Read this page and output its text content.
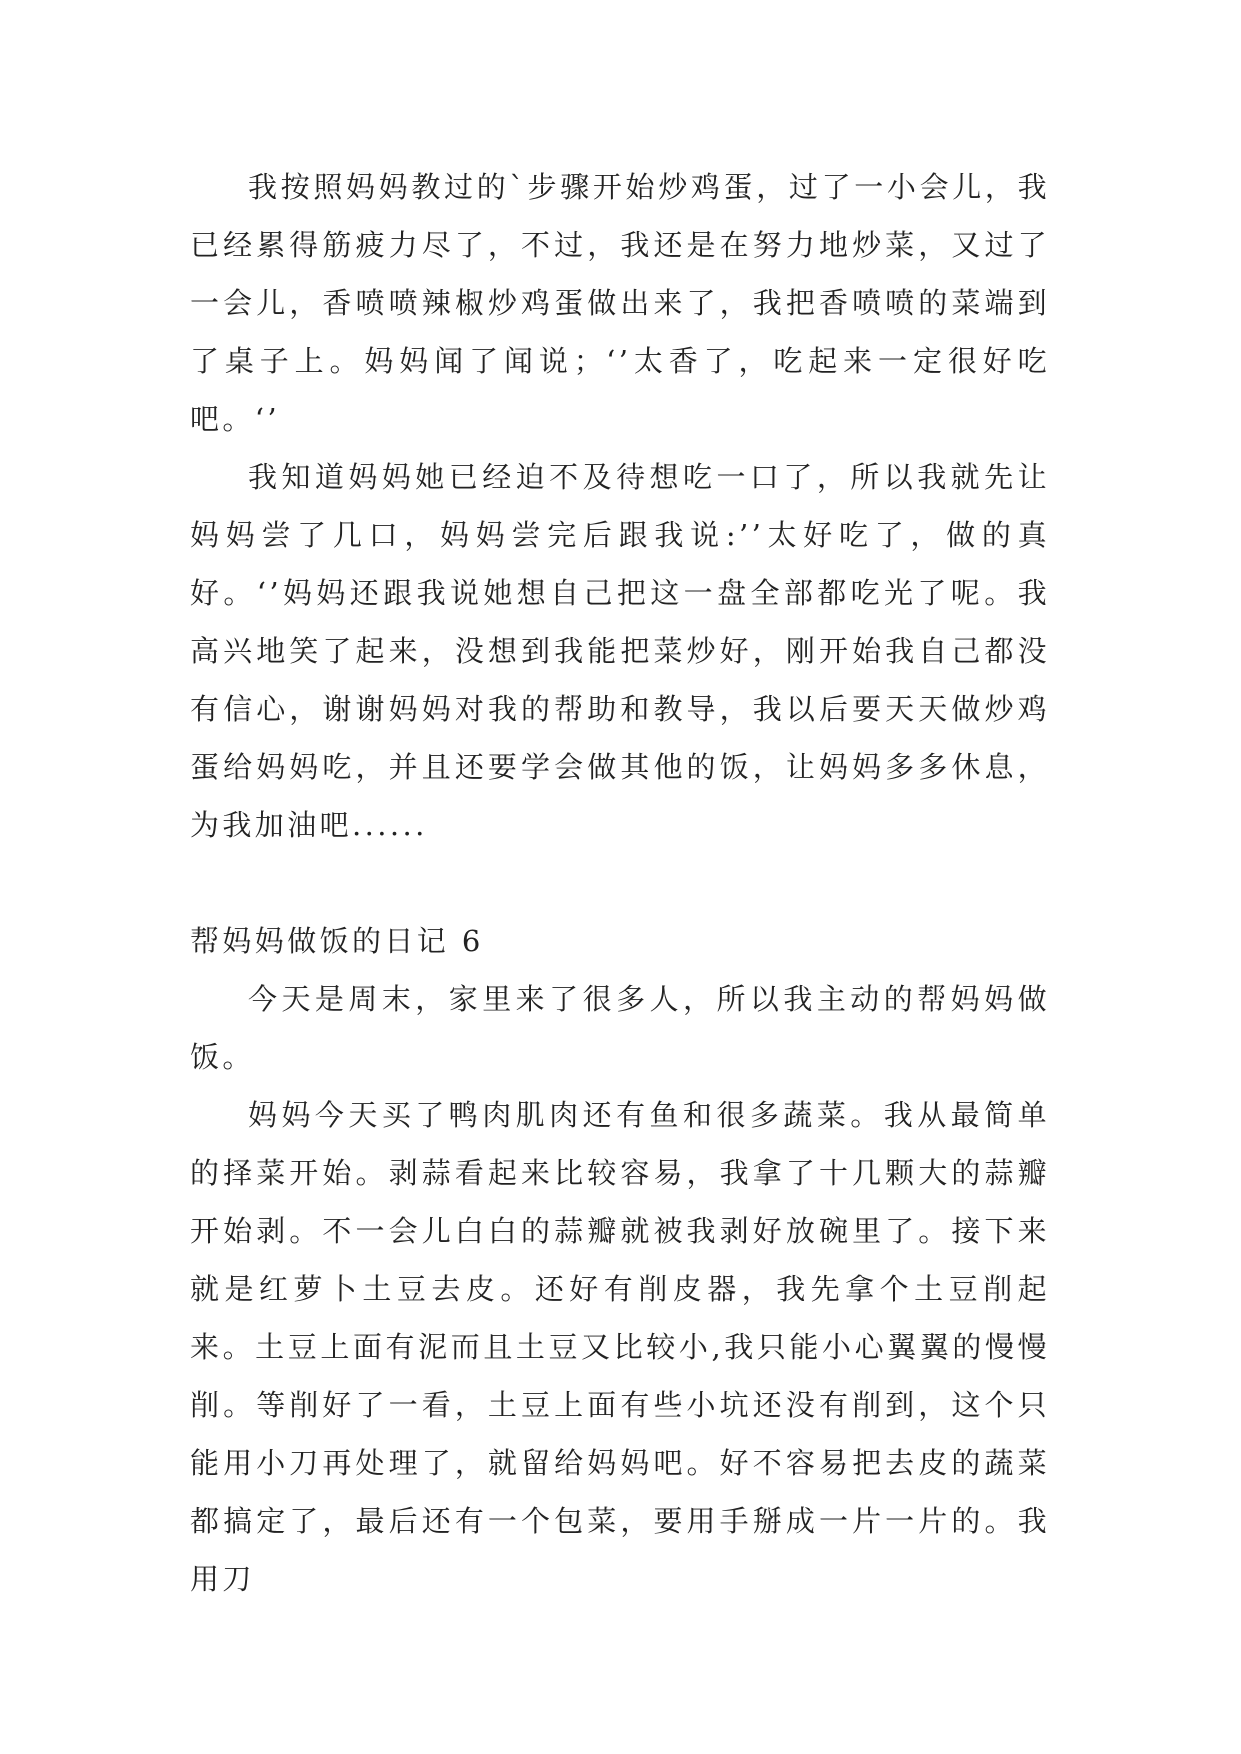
我按照妈妈教过的`步骤开始炒鸡蛋，过了一小会儿，我已经累得筋疲力尽了，不过，我还是在努力地炒菜，又过了一会儿，香喷喷辣椒炒鸡蛋做出来了，我把香喷喷的菜端到了桌子上。妈妈闻了闻说；‘’太香了，吃起来一定很好吃吧。‘’

我知道妈妈她已经迫不及待想吃一口了，所以我就先让妈妈尝了几口，妈妈尝完后跟我说:’’太好吃了，做的真好。‘’妈妈还跟我说她想自己把这一盘全部都吃光了呢。我高兴地笑了起来，没想到我能把菜炒好，刚开始我自己都没有信心，谢谢妈妈对我的帮助和教导，我以后要天天做炒鸡蛋给妈妈吃，并且还要学会做其他的饭，让妈妈多多休息，为我加油吧......

帮妈妈做饭的日记 6

今天是周末，家里来了很多人，所以我主动的帮妈妈做饭。

妈妈今天买了鸭肉肌肉还有鱼和很多蔬菜。我从最简单的择菜开始。剥蒜看起来比较容易，我拿了十几颗大的蒜瓣开始剥。不一会儿白白的蒜瓣就被我剥好放碗里了。接下来就是红萝卜土豆去皮。还好有削皮器，我先拿个土豆削起来。土豆上面有泥而且土豆又比较小,我只能小心翼翼的慢慢削。等削好了一看，土豆上面有些小坑还没有削到，这个只能用小刀再处理了，就留给妈妈吧。好不容易把去皮的蔬菜都搞定了，最后还有一个包菜，要用手掰成一片一片的。我用刀
